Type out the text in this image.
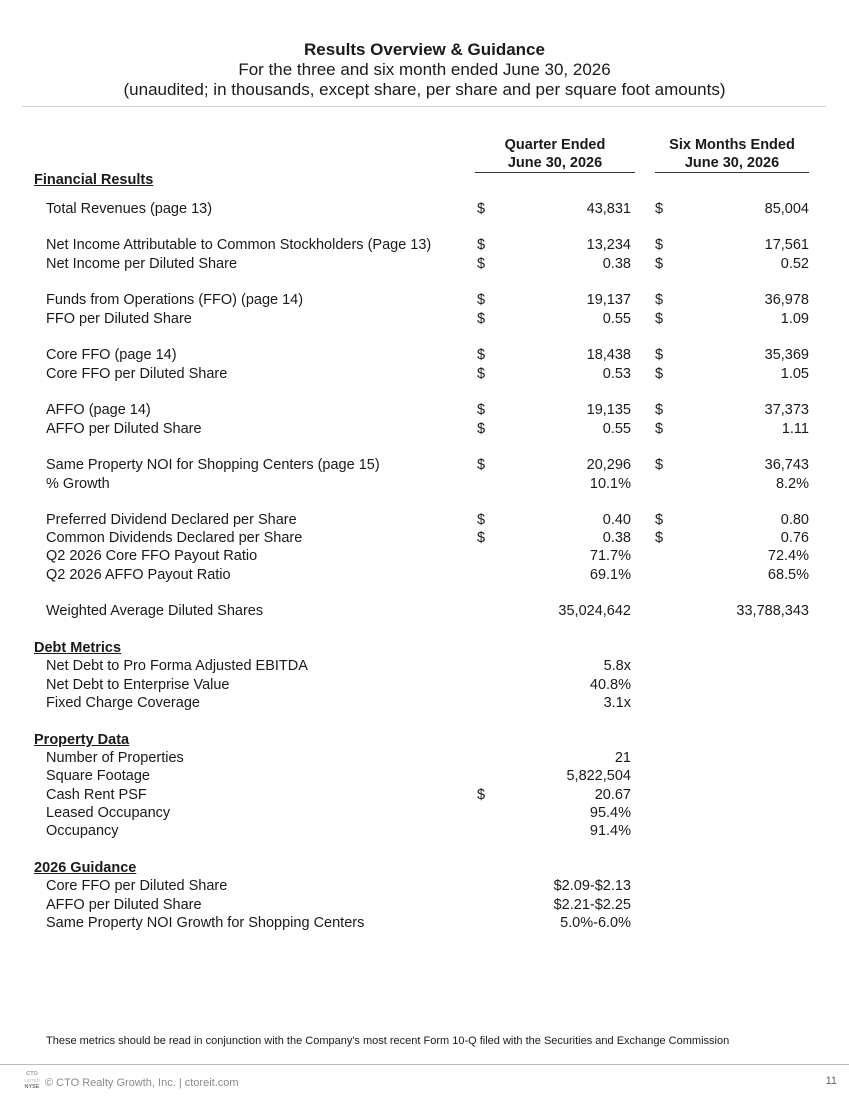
Results Overview & Guidance
For the three and six month ended June 30, 2026
(unaudited; in thousands, except share, per share and per square foot amounts)
Quarter Ended
June 30, 2026
Six Months Ended
June 30, 2026
Financial Results
Total Revenues (page 13)	$	43,831 $	85,004
Net Income Attributable to Common Stockholders (Page 13)	$	13,234 $	17,561
Net Income per Diluted Share	$	0.38 $	0.52
Funds from Operations (FFO) (page 14)	$	19,137 $	36,978
FFO per Diluted Share	$	0.55 $	1.09
Core FFO (page 14)	$	18,438 $	35,369
Core FFO per Diluted Share	$	0.53 $	1.05
AFFO (page 14)	$	19,135 $	37,373
AFFO per Diluted Share	$	0.55 $	1.11
Same Property NOI for Shopping Centers (page 15)	$	20,296 $	36,743
% Growth	10.1%	8.2%
Preferred Dividend Declared per Share	$	0.40 $	0.80
Common Dividends Declared per Share	$	0.38 $	0.76
Q2 2026 Core FFO Payout Ratio	71.7%	72.4%
Q2 2026 AFFO Payout Ratio	69.1%	68.5%
Weighted Average Diluted Shares	35,024,642	33,788,343
Debt Metrics
Net Debt to Pro Forma Adjusted EBITDA	5.8x
Net Debt to Enterprise Value	40.8%
Fixed Charge Coverage	3.1x
Property Data
Number of Properties	21
Square Footage	5,822,504
Cash Rent PSF	$	20.67
Leased Occupancy	95.4%
Occupancy	91.4%
2026 Guidance
Core FFO per Diluted Share	$2.09-$2.13
AFFO per Diluted Share	$2.21-$2.25
Same Property NOI Growth for Shopping Centers	5.0%-6.0%
These metrics should be read in conjunction with the Company's most recent Form 10-Q filed with the Securities and Exchange Commission
CTO
LISTED
NYSE © CTO Realty Growth, Inc. | ctoreit.com	11
